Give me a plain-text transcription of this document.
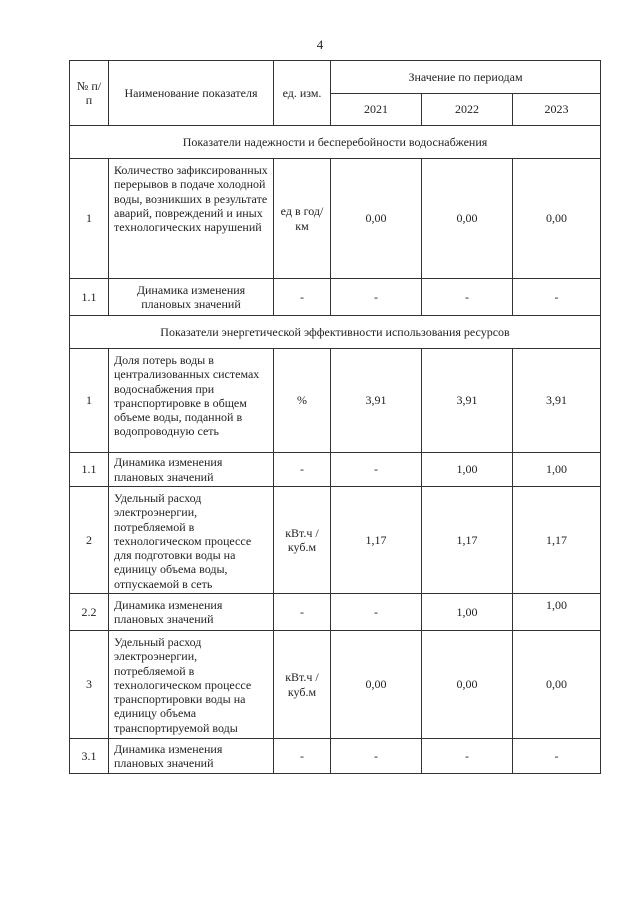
4
№ п/п	Наименование показателя	ед. изм.	Значение по периодам		
			2021	2022	2023
Показатели надежности и бесперебойности водоснабжения					
1	Количество зафиксированных перерывов в подаче холодной воды, возникших в результате аварий, повреждений и иных технологических нарушений	ед в год/ км	0,00	0,00	0,00
1.1	Динамика изменения плановых значений	-	-	-	-
Показатели энергетической эффективности использования ресурсов					
1	Доля потерь воды в централизованных системах водоснабжения при транспортировке в общем объеме воды, поданной в водопроводную сеть	%	3,91	3,91	3,91
1.1	Динамика изменения плановых значений	-	-	1,00	1,00
2	Удельный расход электроэнергии, потребляемой в технологическом процессе для подготовки воды на единицу объема воды, отпускаемой в сеть	кВт.ч / куб.м	1,17	1,17	1,17
2.2	Динамика изменения плановых значений	-	-	1,00	1,00
3	Удельный расход электроэнергии, потребляемой в технологическом процессе транспортировки воды на единицу объема транспортируемой воды	кВт.ч / куб.м	0,00	0,00	0,00
3.1	Динамика изменения плановых значений	-	-	-	-
